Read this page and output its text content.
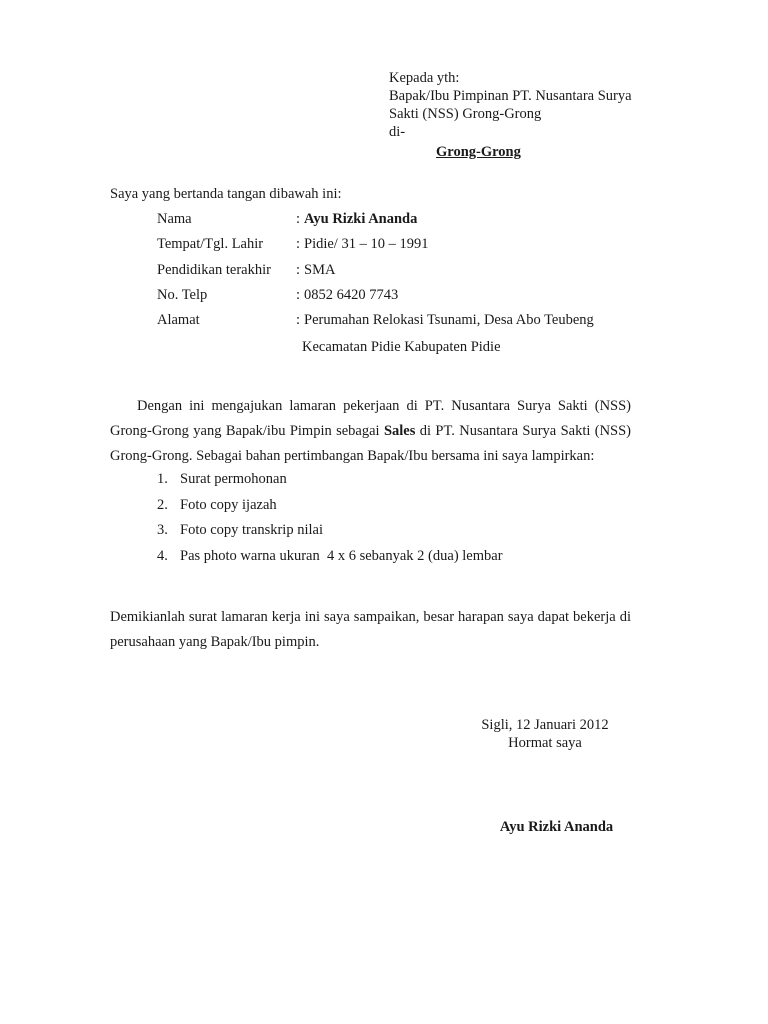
Kepada yth:
Bapak/Ibu Pimpinan PT. Nusantara Surya
Sakti (NSS) Grong-Grong
di-
Grong-Grong
Saya yang bertanda tangan dibawah ini:
Nama	: Ayu Rizki Ananda
Tempat/Tgl. Lahir : Pidie/ 31 – 10 – 1991
Pendidikan terakhir : SMA
No. Telp	: 0852 6420 7743
Alamat	: Perumahan Relokasi Tsunami, Desa Abo Teubeng
Kecamatan Pidie Kabupaten Pidie

Dengan ini mengajukan lamaran pekerjaan di PT. Nusantara Surya Sakti (NSS) Grong-Grong yang Bapak/ibu Pimpin sebagai Sales di PT. Nusantara Surya Sakti (NSS) Grong-Grong. Sebagai bahan pertimbangan Bapak/Ibu bersama ini saya lampirkan:

1. Surat permohonan
2. Foto copy ijazah
3. Foto copy transkrip nilai
4. Pas photo warna ukuran  4 x 6 sebanyak 2 (dua) lembar

Demikianlah surat lamaran kerja ini saya sampaikan, besar harapan saya dapat bekerja di perusahaan yang Bapak/Ibu pimpin.

Sigli, 12 Januari 2012
Hormat saya
Ayu Rizki Ananda
